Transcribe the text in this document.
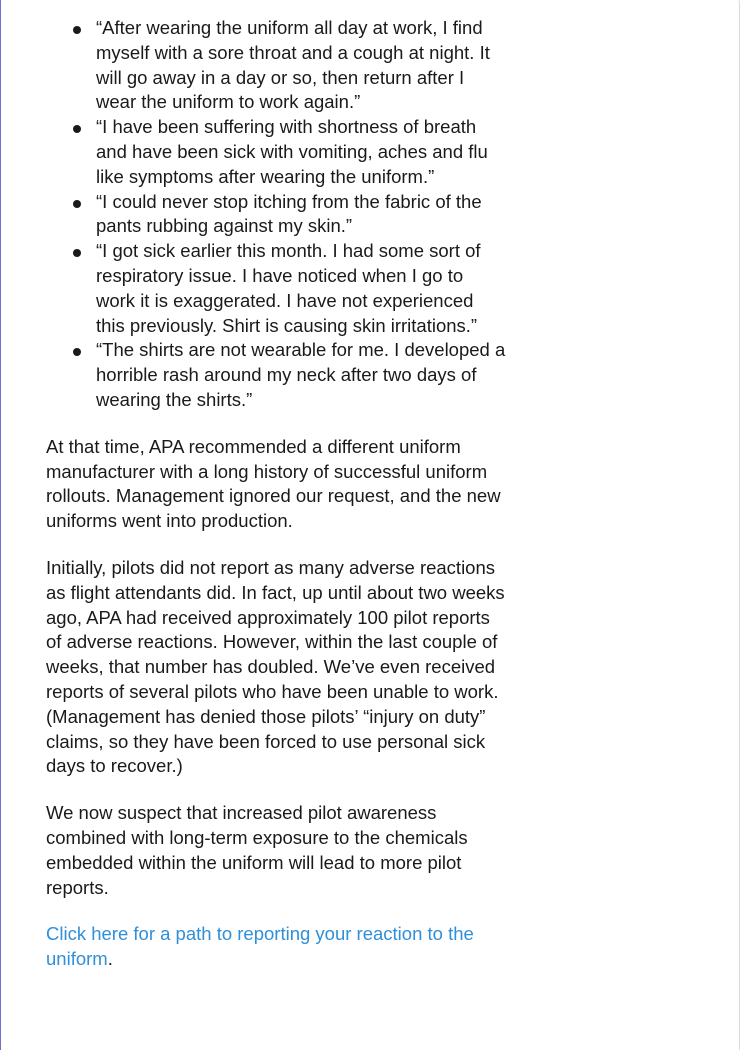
“After wearing the uniform all day at work, I find myself with a sore throat and a cough at night. It will go away in a day or so, then return after I wear the uniform to work again.”
“I have been suffering with shortness of breath and have been sick with vomiting, aches and flu like symptoms after wearing the uniform.”
“I could never stop itching from the fabric of the pants rubbing against my skin.”
“I got sick earlier this month. I had some sort of respiratory issue. I have noticed when I go to work it is exaggerated. I have not experienced this previously. Shirt is causing skin irritations.”
“The shirts are not wearable for me. I developed a horrible rash around my neck after two days of wearing the shirts.”

At that time, APA recommended a different uniform manufacturer with a long history of successful uniform rollouts. Management ignored our request, and the new uniforms went into production.

Initially, pilots did not report as many adverse reactions as flight attendants did. In fact, up until about two weeks ago, APA had received approximately 100 pilot reports of adverse reactions. However, within the last couple of weeks, that number has doubled. We’ve even received reports of several pilots who have been unable to work. (Management has denied those pilots’ “injury on duty” claims, so they have been forced to use personal sick days to recover.)

We now suspect that increased pilot awareness combined with long-term exposure to the chemicals embedded within the uniform will lead to more pilot reports.

Click here for a path to reporting your reaction to the uniform.
